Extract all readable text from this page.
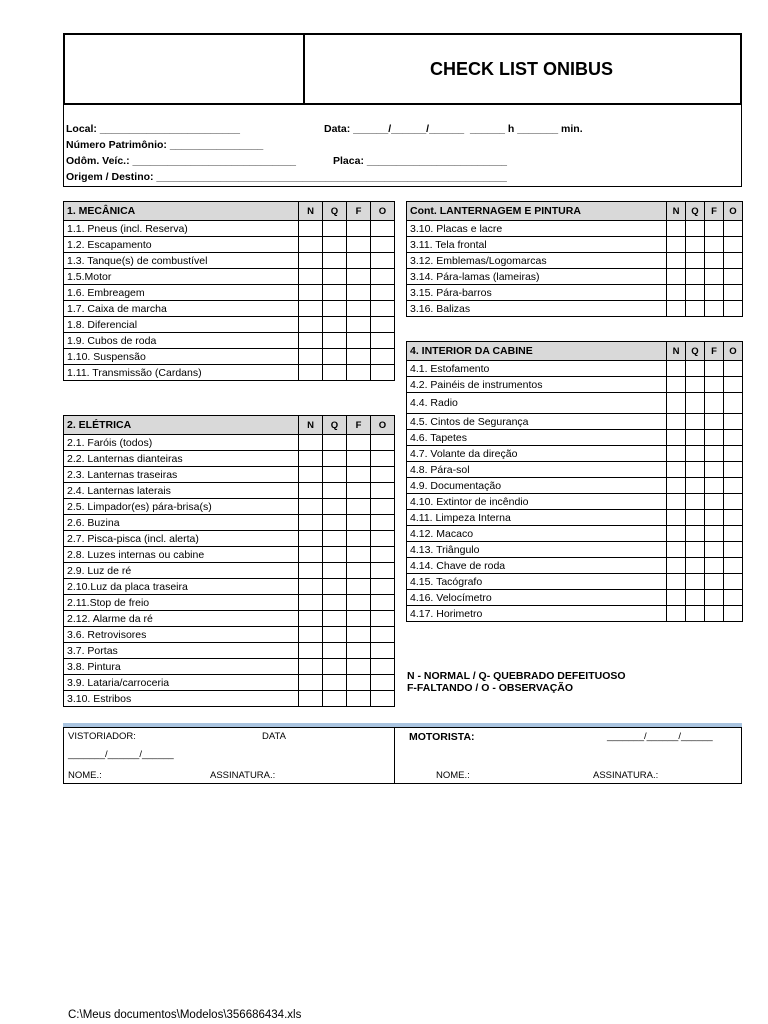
CHECK LIST ONIBUS
Local: ________________________	Data: ______/______/______  ______ h _______ min.
Número Patrimônio: ________________
Odôm. Veíc.: ____________________________	Placa: ________________________
Origem / Destino: ____________________________________________________________
1. MECÂNICA	N	Q	F	O
1.1. Pneus (incl. Reserva)				
1.2. Escapamento				
1.3. Tanque(s) de combustível				
1.5.Motor				
1.6. Embreagem				
1.7. Caixa de marcha				
1.8. Diferencial				
1.9. Cubos de roda				
1.10. Suspensão				
1.11. Transmissão (Cardans)				
2. ELÉTRICA	N	Q	F	O
2.1. Faróis (todos)				
2.2. Lanternas dianteiras				
2.3. Lanternas traseiras				
2.4. Lanternas laterais				
2.5. Limpador(es) pára-brisa(s)				
2.6. Buzina				
2.7. Pisca-pisca (incl. alerta)				
2.8. Luzes internas ou cabine				
2.9. Luz de ré				
2.10.Luz da placa traseira				
2.11.Stop de freio				
2.12. Alarme da ré				
3.6. Retrovisores				
3.7. Portas				
3.8. Pintura				
3.9. Lataria/carroceria				
3.10. Estribos				
Cont. LANTERNAGEM E PINTURA	N	Q	F	O
3.10. Placas e lacre				
3.11. Tela frontal				
3.12. Emblemas/Logomarcas				
3.14. Pára-lamas (lameiras)				
3.15. Pára-barros				
3.16. Balizas				
4. INTERIOR DA CABINE	N	Q	F	O
4.1. Estofamento				
4.2. Painéis de instrumentos				
4.4. Radio				
4.5. Cintos de Segurança				
4.6. Tapetes				
4.7. Volante da direção				
4.8. Pára-sol				
4.9. Documentação				
4.10. Extintor de incêndio				
4.11. Limpeza Interna				
4.12. Macaco				
4.13. Triângulo				
4.14. Chave de roda				
4.15. Tacógrafo				
4.16. Velocímetro				
4.17. Horimetro				
N - NORMAL / Q- QUEBRADO DEFEITUOSO
F-FALTANDO / O - OBSERVAÇÃO
VISTORIADOR:	DATA
_______/______/______
NOME.:	ASSINATURA.:
MOTORISTA:	_______/______/______
NOME.:	ASSINATURA.:
C:\Meus documentos\Modelos\356686434.xls
